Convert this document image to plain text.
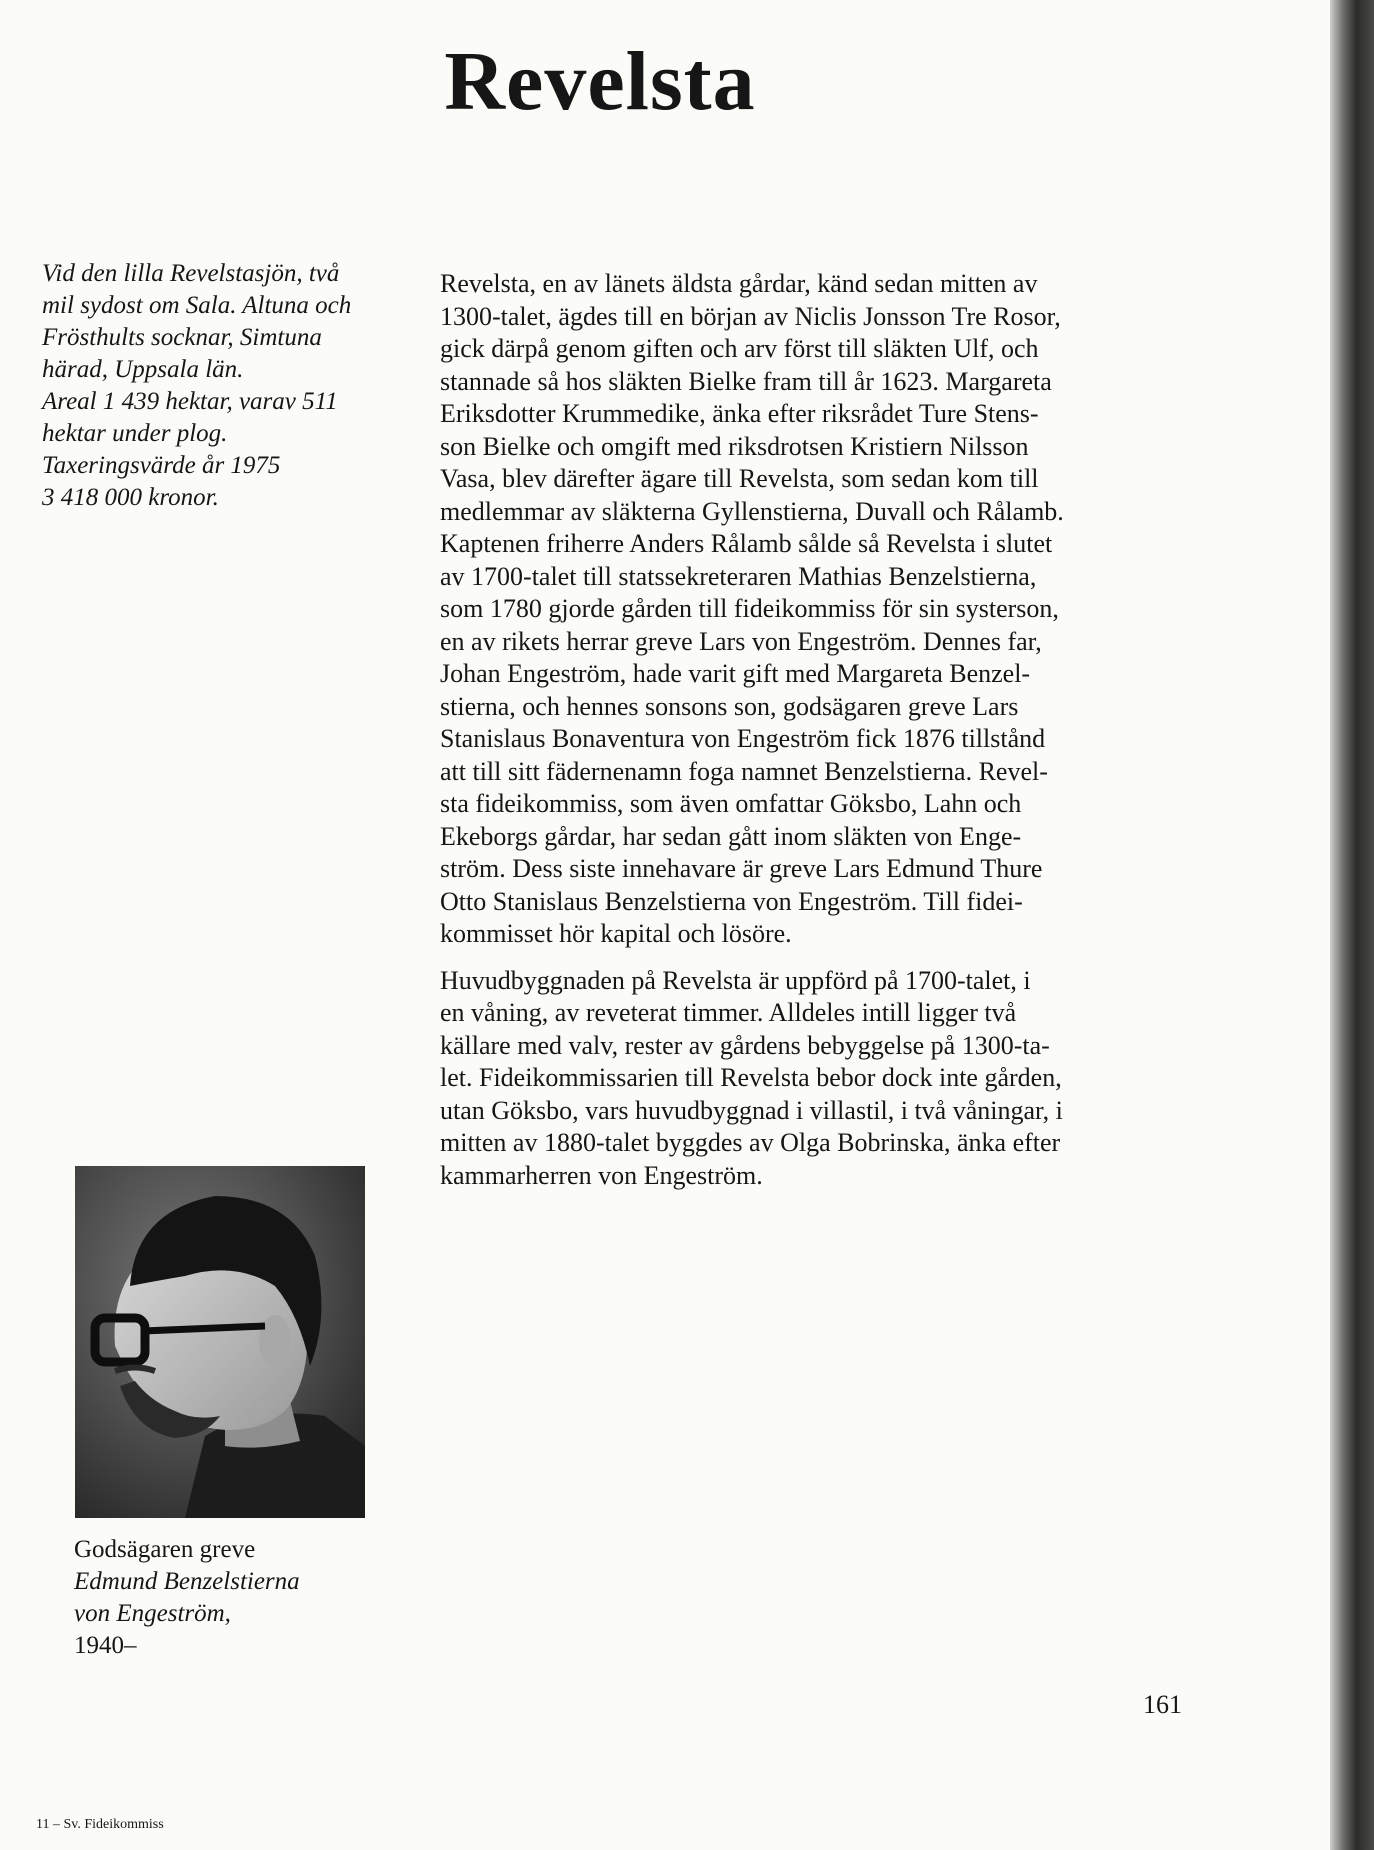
Revelsta
Vid den lilla Revelstasjön, två
mil sydost om Sala. Altuna och
Frösthults socknar, Simtuna
härad, Uppsala län.
Areal 1 439 hektar, varav 511
hektar under plog.
Taxeringsvärde år 1975
3 418 000 kronor.

Revelsta, en av länets äldsta gårdar, känd sedan mitten av

1300-talet, ägdes till en början av Niclis Jonsson Tre Rosor,

gick därpå genom giften och arv först till släkten Ulf, och

stannade så hos släkten Bielke fram till år 1623. Margareta

Eriksdotter Krummedike, änka efter riksrådet Ture Stens-

son Bielke och omgift med riksdrotsen Kristiern Nilsson

Vasa, blev därefter ägare till Revelsta, som sedan kom till

medlemmar av släkterna Gyllenstierna, Duvall och Rålamb.

Kaptenen friherre Anders Rålamb sålde så Revelsta i slutet

av 1700-talet till statssekreteraren Mathias Benzelstierna,

som 1780 gjorde gården till fideikommiss för sin systerson,

en av rikets herrar greve Lars von Engeström. Dennes far,

Johan Engeström, hade varit gift med Margareta Benzel-

stierna, och hennes sonsons son, godsägaren greve Lars

Stanislaus Bonaventura von Engeström fick 1876 tillstånd

att till sitt fädernenamn foga namnet Benzelstierna. Revel-

sta fideikommiss, som även omfattar Göksbo, Lahn och

Ekeborgs gårdar, har sedan gått inom släkten von Enge-

ström. Dess siste innehavare är greve Lars Edmund Thure

Otto Stanislaus Benzelstierna von Engeström. Till fidei-

kommisset hör kapital och lösöre.

Huvudbyggnaden på Revelsta är uppförd på 1700-talet, i

en våning, av reveterat timmer. Alldeles intill ligger två

källare med valv, rester av gårdens bebyggelse på 1300-ta-

let. Fideikommissarien till Revelsta bebor dock inte gården,

utan Göksbo, vars huvudbyggnad i villastil, i två våningar, i

mitten av 1880-talet byggdes av Olga Bobrinska, änka efter

kammarherren von Engeström.

Godsägaren greve
Edmund Benzelstierna
von Engeström,
1940–
161
11 – Sv. Fideikommiss
